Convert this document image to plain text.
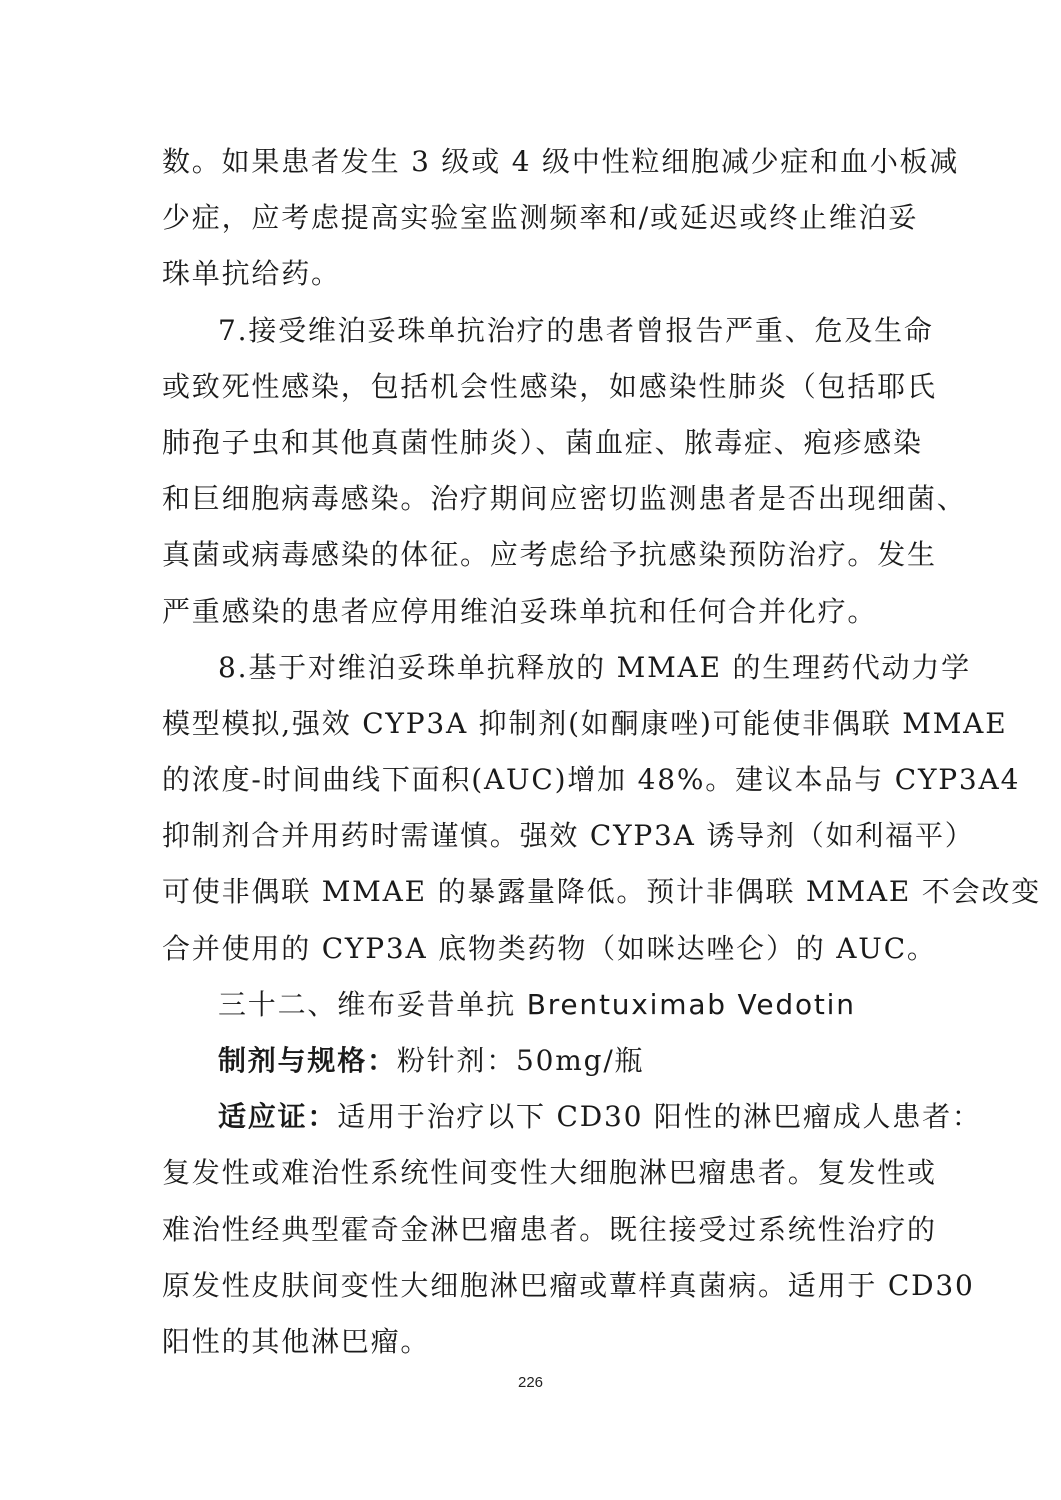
数。如果患者发生 3 级或 4 级中性粒细胞减少症和血小板减
少症，应考虑提高实验室监测频率和/或延迟或终止维泊妥
珠单抗给药。
7.接受维泊妥珠单抗治疗的患者曾报告严重、危及生命
或致死性感染，包括机会性感染，如感染性肺炎（包括耶氏
肺孢子虫和其他真菌性肺炎）、菌血症、脓毒症、疱疹感染
和巨细胞病毒感染。治疗期间应密切监测患者是否出现细菌、
真菌或病毒感染的体征。应考虑给予抗感染预防治疗。发生
严重感染的患者应停用维泊妥珠单抗和任何合并化疗。
8.基于对维泊妥珠单抗释放的 MMAE 的生理药代动力学
模型模拟,强效 CYP3A 抑制剂(如酮康唑)可能使非偶联 MMAE
的浓度-时间曲线下面积(AUC)增加 48%。建议本品与 CYP3A4
抑制剂合并用药时需谨慎。强效 CYP3A 诱导剂（如利福平）
可使非偶联 MMAE 的暴露量降低。预计非偶联 MMAE 不会改变
合并使用的 CYP3A 底物类药物（如咪达唑仑）的 AUC。
三十二、维布妥昔单抗 Brentuximab Vedotin
制剂与规格：粉针剂：50mg/瓶
适应证：适用于治疗以下 CD30 阳性的淋巴瘤成人患者：
复发性或难治性系统性间变性大细胞淋巴瘤患者。复发性或
难治性经典型霍奇金淋巴瘤患者。既往接受过系统性治疗的
原发性皮肤间变性大细胞淋巴瘤或蕈样真菌病。适用于 CD30
阳性的其他淋巴瘤。
226
